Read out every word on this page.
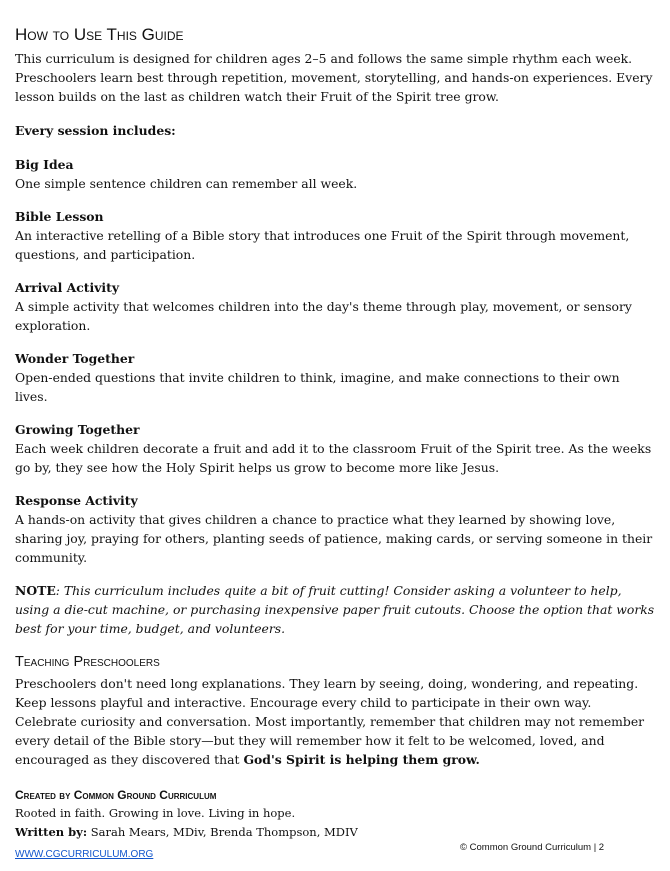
How to Use This Guide

This curriculum is designed for children ages 2–5 and follows the same simple rhythm each week. Preschoolers learn best through repetition, movement, storytelling, and hands-on experiences. Every lesson builds on the last as children watch their Fruit of the Spirit tree grow.

Every session includes:

Big Idea

One simple sentence children can remember all week.

Bible Lesson

An interactive retelling of a Bible story that introduces one Fruit of the Spirit through movement, questions, and participation.

Arrival Activity

A simple activity that welcomes children into the day's theme through play, movement, or sensory exploration.

Wonder Together

Open-ended questions that invite children to think, imagine, and make connections to their own lives.

Growing Together

Each week children decorate a fruit and add it to the classroom Fruit of the Spirit tree. As the weeks go by, they see how the Holy Spirit helps us grow to become more like Jesus.

Response Activity

A hands-on activity that gives children a chance to practice what they learned by showing love, sharing joy, praying for others, planting seeds of patience, making cards, or serving someone in their community.

NOTE: This curriculum includes quite a bit of fruit cutting! Consider asking a volunteer to help, using a die-cut machine, or purchasing inexpensive paper fruit cutouts. Choose the option that works best for your time, budget, and volunteers.

Teaching Preschoolers

Preschoolers don't need long explanations. They learn by seeing, doing, wondering, and repeating. Keep lessons playful and interactive. Encourage every child to participate in their own way. Celebrate curiosity and conversation. Most importantly, remember that children may not remember every detail of the Bible story—but they will remember how it felt to be welcomed, loved, and encouraged as they discovered that God's Spirit is helping them grow.

Created by Common Ground Curriculum

Rooted in faith. Growing in love. Living in hope.

Written by: Sarah Mears, MDiv, Brenda Thompson, MDIV

WWW.CGCURRICULUM.ORG
© Common Ground Curriculum | 2
